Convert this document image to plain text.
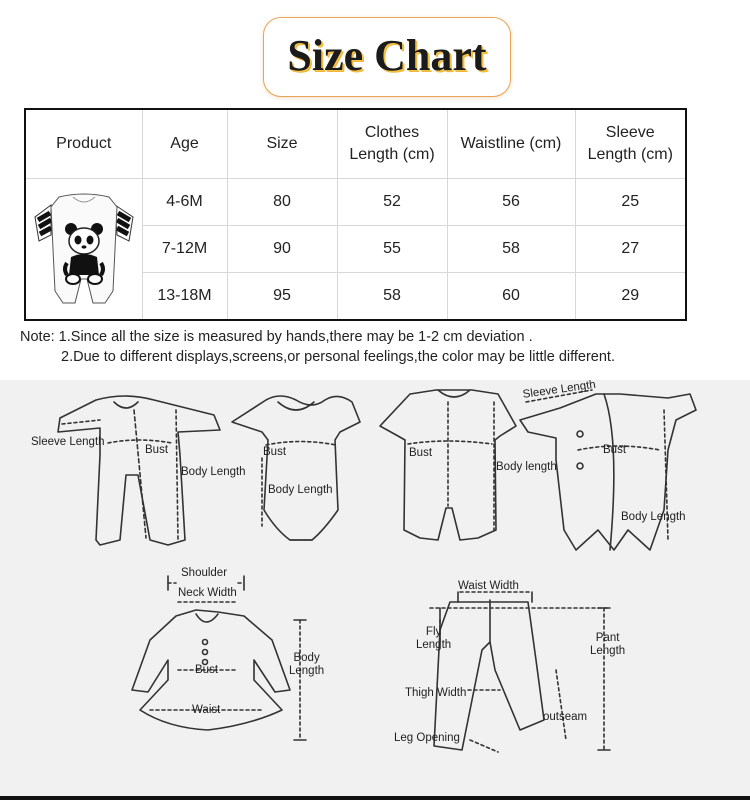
Size Chart
Product	Age	Size	Clothes Length (cm)	Waistline (cm)	Sleeve Length (cm)
	4-6M	80	52	56	25
	7-12M	90	55	58	27
	13-18M	95	58	60	29
Note: 1.Since all the size is measured by hands,there may be 1-2 cm deviation .
2.Due to different displays,screens,or personal feelings,the color may be little different.
Sleeve Length
Bust
Body Length
Bust
Body Length
Bust
Body length
Sleeve Length
Bust
Body Length
Shoulder
Neck Width
Bust
Waist
Body
Length
Waist Width
Fly
Length
Pant
Length
Thigh Width
outseam
Leg Opening
